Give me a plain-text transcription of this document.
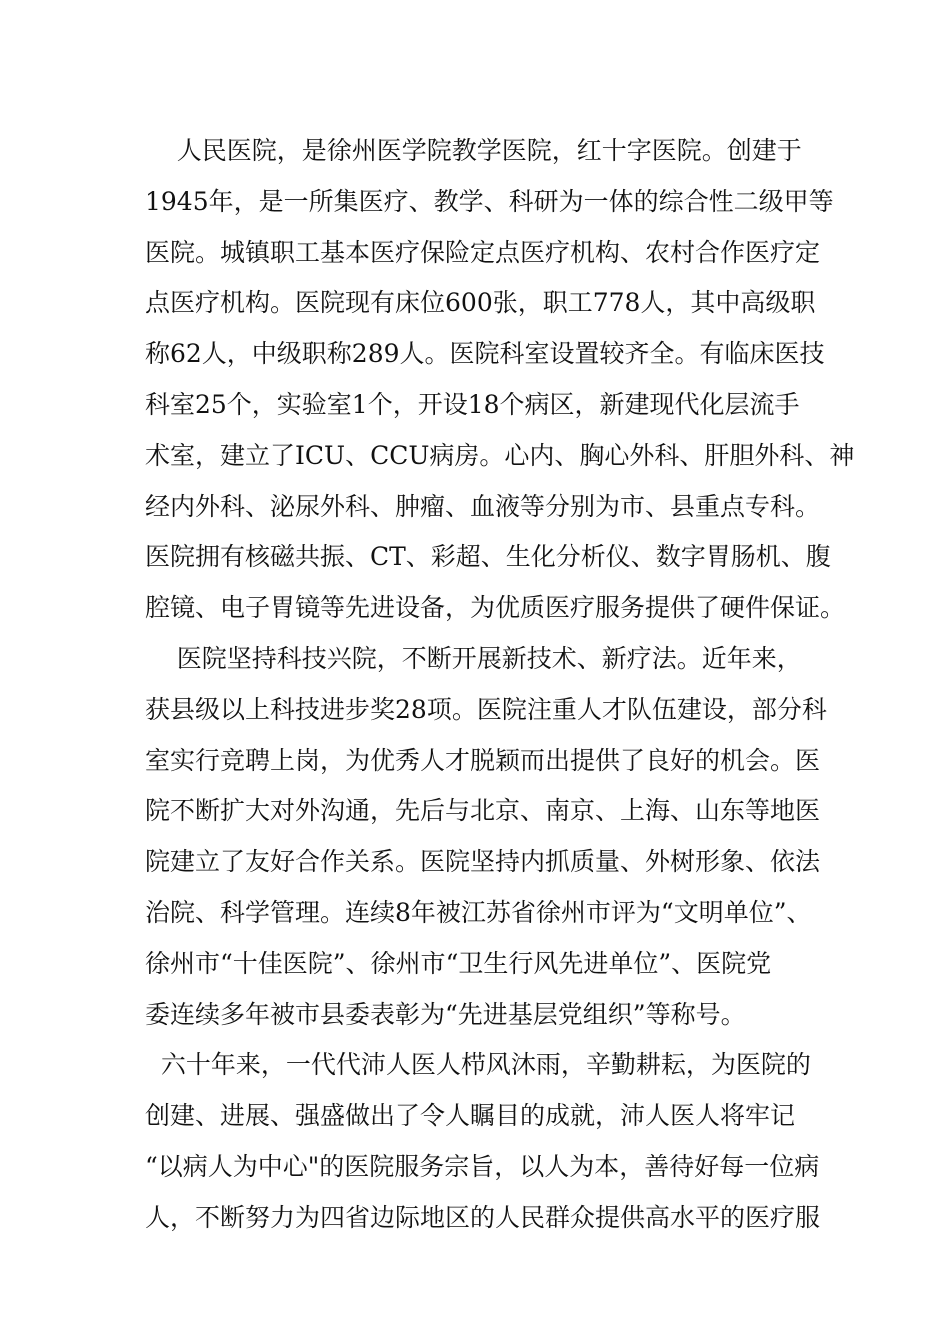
人民医院，是徐州医学院教学医院，红十字医院。创建于
1945年，是一所集医疗、教学、科研为一体的综合性二级甲等
医院。城镇职工基本医疗保险定点医疗机构、农村合作医疗定
点医疗机构。医院现有床位600张，职工778人，其中高级职
称62人，中级职称289人。医院科室设置较齐全。有临床医技
科室25个，实验室1个，开设18个病区，新建现代化层流手
术室，建立了ICU、CCU病房。心内、胸心外科、肝胆外科、神
经内外科、泌尿外科、肿瘤、血液等分别为市、县重点专科。
医院拥有核磁共振、CT、彩超、生化分析仪、数字胃肠机、腹
腔镜、电子胃镜等先进设备，为优质医疗服务提供了硬件保证。
医院坚持科技兴院，不断开展新技术、新疗法。近年来，
获县级以上科技进步奖28项。医院注重人才队伍建设，部分科
室实行竞聘上岗，为优秀人才脱颖而出提供了良好的机会。医
院不断扩大对外沟通，先后与北京、南京、上海、山东等地医
院建立了友好合作关系。医院坚持内抓质量、外树形象、依法
治院、科学管理。连续8年被江苏省徐州市评为“文明单位”、
徐州市“十佳医院”、徐州市“卫生行风先进单位”、医院党
委连续多年被市县委表彰为“先进基层党组织”等称号。
六十年来，一代代沛人医人栉风沐雨，辛勤耕耘，为医院的
创建、进展、强盛做出了令人瞩目的成就，沛人医人将牢记
“以病人为中心"的医院服务宗旨，以人为本，善待好每一位病
人，不断努力为四省边际地区的人民群众提供高水平的医疗服
